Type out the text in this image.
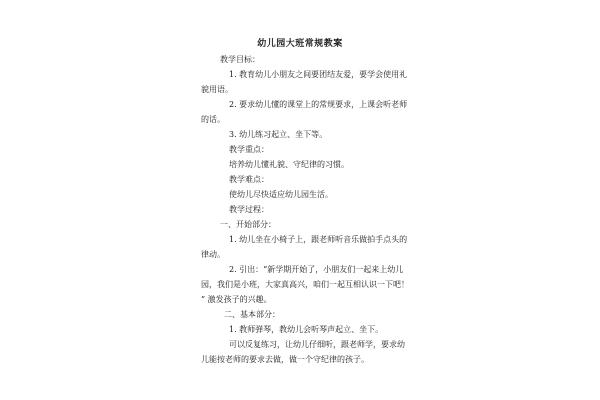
幼儿园大班常规教案
教学目标：
1. 教育幼儿小朋友之间要团结友爱，要学会使用礼
貌用语。
2. 要求幼儿懂的课堂上的常规要求，上课会听老师
的话。
3. 幼儿练习起立、坐下等。
教学重点：
培养幼儿懂礼貌、守纪律的习惯。
教学难点：
使幼儿尽快适应幼儿园生活。
教学过程：
一、开始部分：
1. 幼儿坐在小椅子上，跟老师听音乐做拍手点头的
律动。
2. 引出：“新学期开始了，小朋友们一起来上幼儿
园，我们是小班，大家真高兴，咱们一起互相认识一下吧！
” 激发孩子的兴趣。
二、基本部分：
1. 教师弹琴，教幼儿会听琴声起立、坐下。
可以反复练习，让幼儿仔细听，跟老师学，要求幼
儿能按老师的要求去做，做一个守纪律的孩子。
